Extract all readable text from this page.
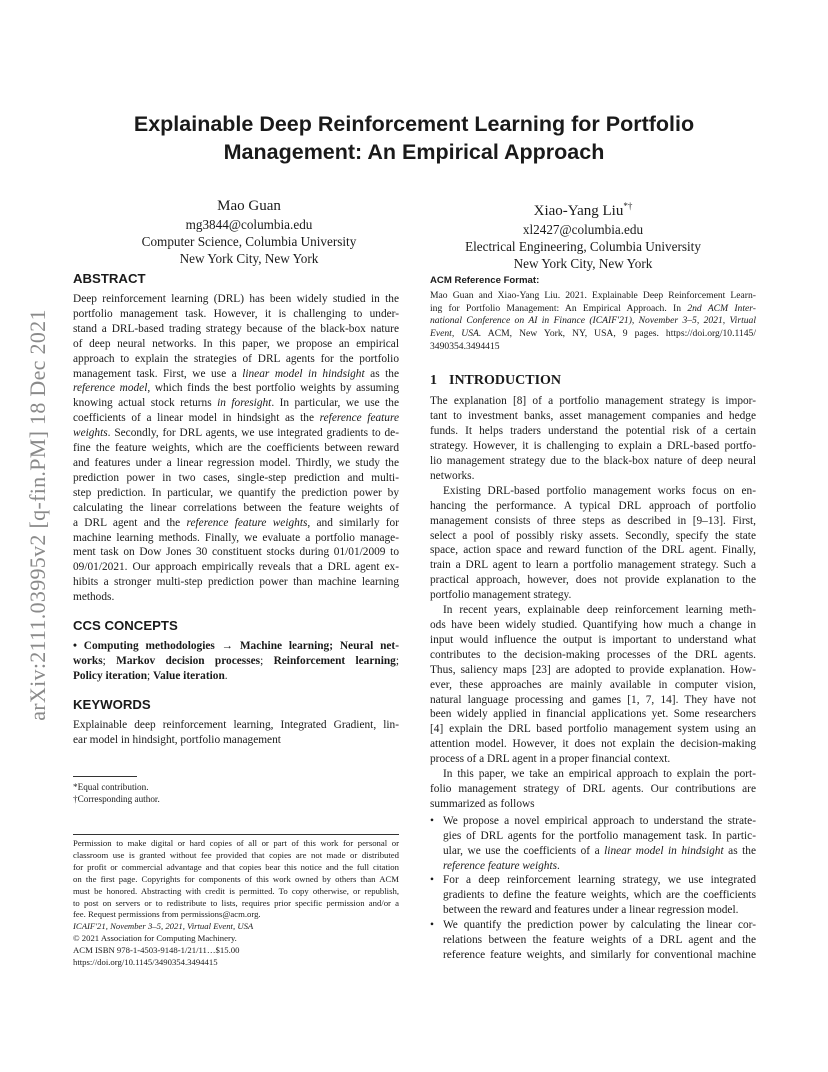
arXiv:2111.03995v2 [q-fin.PM] 18 Dec 2021
Explainable Deep Reinforcement Learning for Portfolio
Management: An Empirical Approach
Mao Guan
mg3844@columbia.edu
Computer Science, Columbia University
New York City, New York
Xiao-Yang Liu*†
xl2427@columbia.edu
Electrical Engineering, Columbia University
New York City, New York
ABSTRACT
Deep reinforcement learning (DRL) has been widely studied in the
portfolio management task. However, it is challenging to under-
stand a DRL-based trading strategy because of the black-box nature
of deep neural networks. In this paper, we propose an empirical
approach to explain the strategies of DRL agents for the portfolio
management task. First, we use a linear model in hindsight as the
reference model, which finds the best portfolio weights by assuming
knowing actual stock returns in foresight. In particular, we use the
coefficients of a linear model in hindsight as the reference feature
weights. Secondly, for DRL agents, we use integrated gradients to de-
fine the feature weights, which are the coefficients between reward
and features under a linear regression model. Thirdly, we study the
prediction power in two cases, single-step prediction and multi-
step prediction. In particular, we quantify the prediction power by
calculating the linear correlations between the feature weights of
a DRL agent and the reference feature weights, and similarly for
machine learning methods. Finally, we evaluate a portfolio manage-
ment task on Dow Jones 30 constituent stocks during 01/01/2009 to
09/01/2021. Our approach empirically reveals that a DRL agent ex-
hibits a stronger multi-step prediction power than machine learning
methods.
CCS CONCEPTS
• Computing methodologies → Machine learning; Neural net-
works; Markov decision processes; Reinforcement learning;
Policy iteration; Value iteration.
KEYWORDS
Explainable deep reinforcement learning, Integrated Gradient, lin-
ear model in hindsight, portfolio management
*Equal contribution.
†Corresponding author.
Permission to make digital or hard copies of all or part of this work for personal or
classroom use is granted without fee provided that copies are not made or distributed
for profit or commercial advantage and that copies bear this notice and the full citation
on the first page. Copyrights for components of this work owned by others than ACM
must be honored. Abstracting with credit is permitted. To copy otherwise, or republish,
to post on servers or to redistribute to lists, requires prior specific permission and/or a
fee. Request permissions from permissions@acm.org.
ICAIF'21, November 3–5, 2021, Virtual Event, USA
© 2021 Association for Computing Machinery.
ACM ISBN 978-1-4503-9148-1/21/11…$15.00
https://doi.org/10.1145/3490354.3494415
ACM Reference Format:
Mao Guan and Xiao-Yang Liu. 2021. Explainable Deep Reinforcement Learn-
ing for Portfolio Management: An Empirical Approach. In 2nd ACM Inter-
national Conference on AI in Finance (ICAIF'21), November 3–5, 2021, Virtual
Event, USA. ACM, New York, NY, USA, 9 pages. https://doi.org/10.1145/
3490354.3494415
1 INTRODUCTION
The explanation [8] of a portfolio management strategy is impor-
tant to investment banks, asset management companies and hedge
funds. It helps traders understand the potential risk of a certain
strategy. However, it is challenging to explain a DRL-based portfo-
lio management strategy due to the black-box nature of deep neural
networks.
Existing DRL-based portfolio management works focus on en-
hancing the performance. A typical DRL approach of portfolio
management consists of three steps as described in [9–13]. First,
select a pool of possibly risky assets. Secondly, specify the state
space, action space and reward function of the DRL agent. Finally,
train a DRL agent to learn a portfolio management strategy. Such a
practical approach, however, does not provide explanation to the
portfolio management strategy.
In recent years, explainable deep reinforcement learning meth-
ods have been widely studied. Quantifying how much a change in
input would influence the output is important to understand what
contributes to the decision-making processes of the DRL agents.
Thus, saliency maps [23] are adopted to provide explanation. How-
ever, these approaches are mainly available in computer vision,
natural language processing and games [1, 7, 14]. They have not
been widely applied in financial applications yet. Some researchers
[4] explain the DRL based portfolio management system using an
attention model. However, it does not explain the decision-making
process of a DRL agent in a proper financial context.
In this paper, we take an empirical approach to explain the port-
folio management strategy of DRL agents. Our contributions are
summarized as follows
• We propose a novel empirical approach to understand the strate-
gies of DRL agents for the portfolio management task. In partic-
ular, we use the coefficients of a linear model in hindsight as the
reference feature weights.
• For a deep reinforcement learning strategy, we use integrated
gradients to define the feature weights, which are the coefficients
between the reward and features under a linear regression model.
• We quantify the prediction power by calculating the linear cor-
relations between the feature weights of a DRL agent and the
reference feature weights, and similarly for conventional machine
